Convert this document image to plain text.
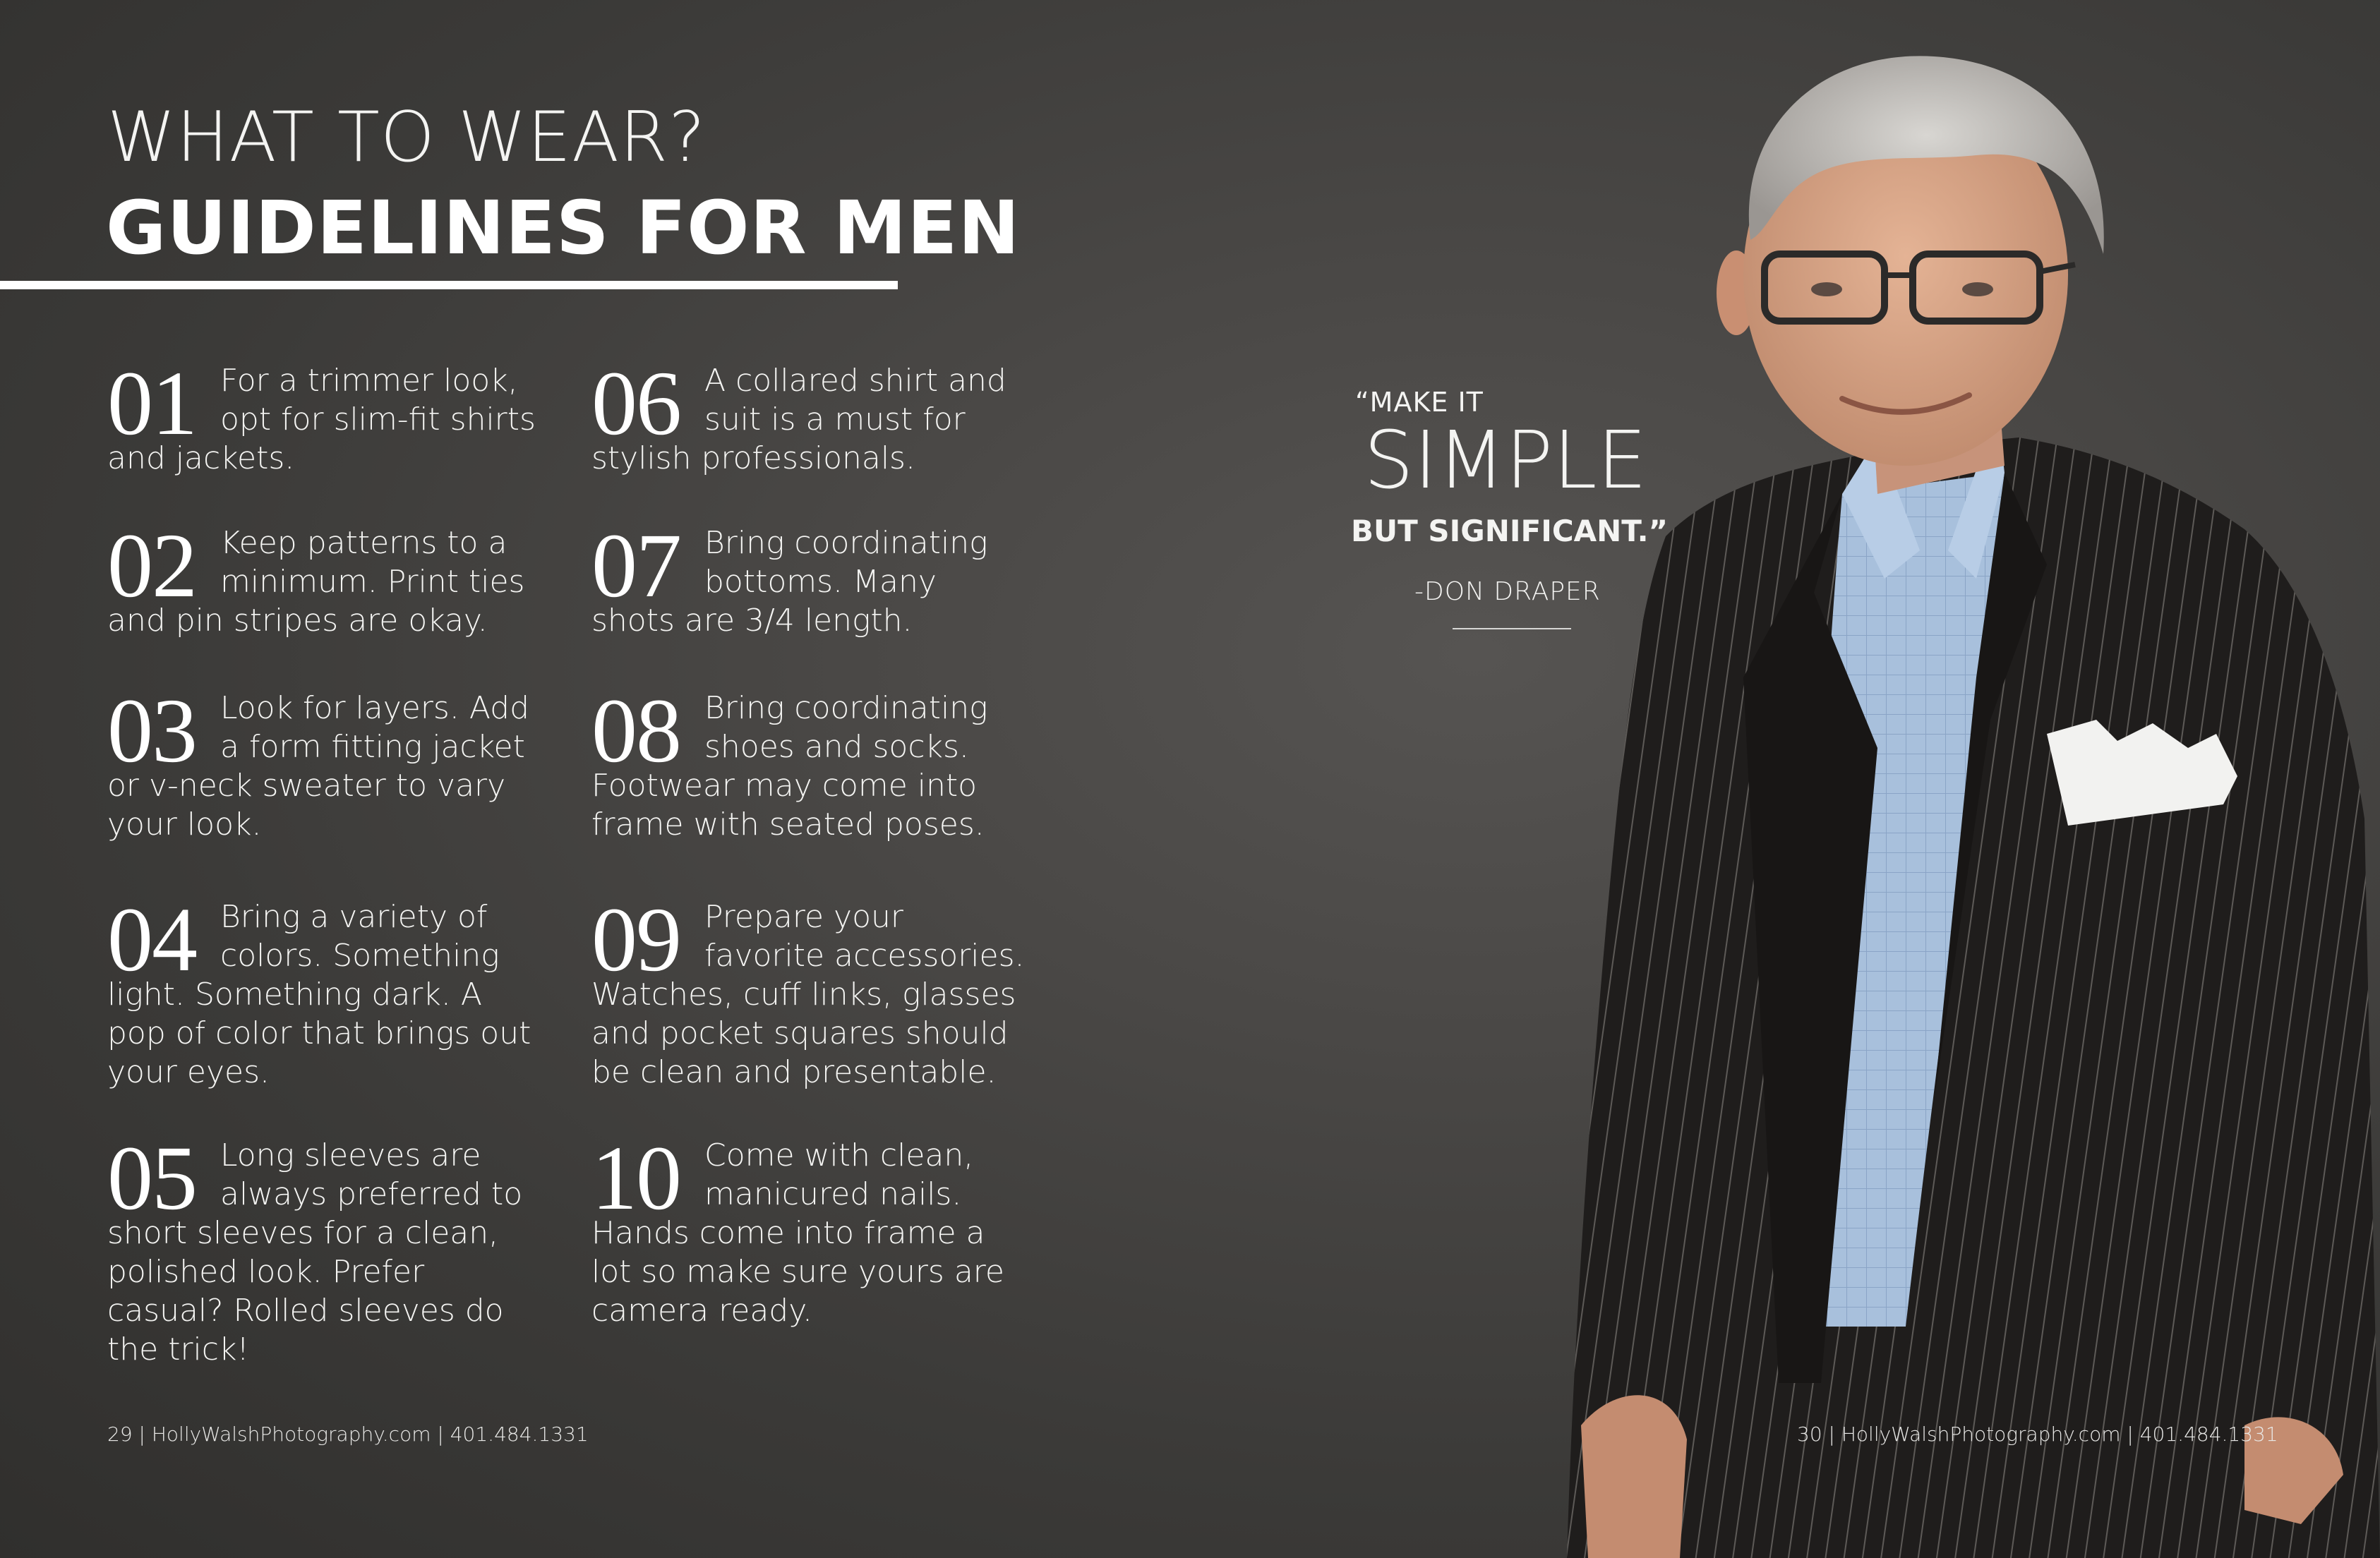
WHAT TO WEAR?
GUIDELINES FOR MEN
01 For a trimmer look, opt for slim-fit shirts and jackets.
02 Keep patterns to a minimum. Print ties and pin stripes are okay.
03 Look for layers. Add a form fitting jacket or v-neck sweater to vary your look.
04 Bring a variety of colors. Something light. Something dark. A pop of color that brings out your eyes.
05 Long sleeves are always preferred to short sleeves for a clean, polished look. Prefer casual? Rolled sleeves do the trick!
06 A collared shirt and suit is a must for stylish professionals.
07 Bring coordinating bottoms. Many shots are 3/4 length.
08 Bring coordinating shoes and socks. Footwear may come into frame with seated poses.
09 Prepare your favorite accessories. Watches, cuff links, glasses and pocket squares should be clean and presentable.
10 Come with clean, manicured nails. Hands come into frame a lot so make sure yours are camera ready.
“MAKE IT
SIMPLE
BUT SIGNIFICANT.”
-DON DRAPER
29 | HollyWalshPhotography.com | 401.484.1331	30 | HollyWalshPhotography.com | 401.484.1331
